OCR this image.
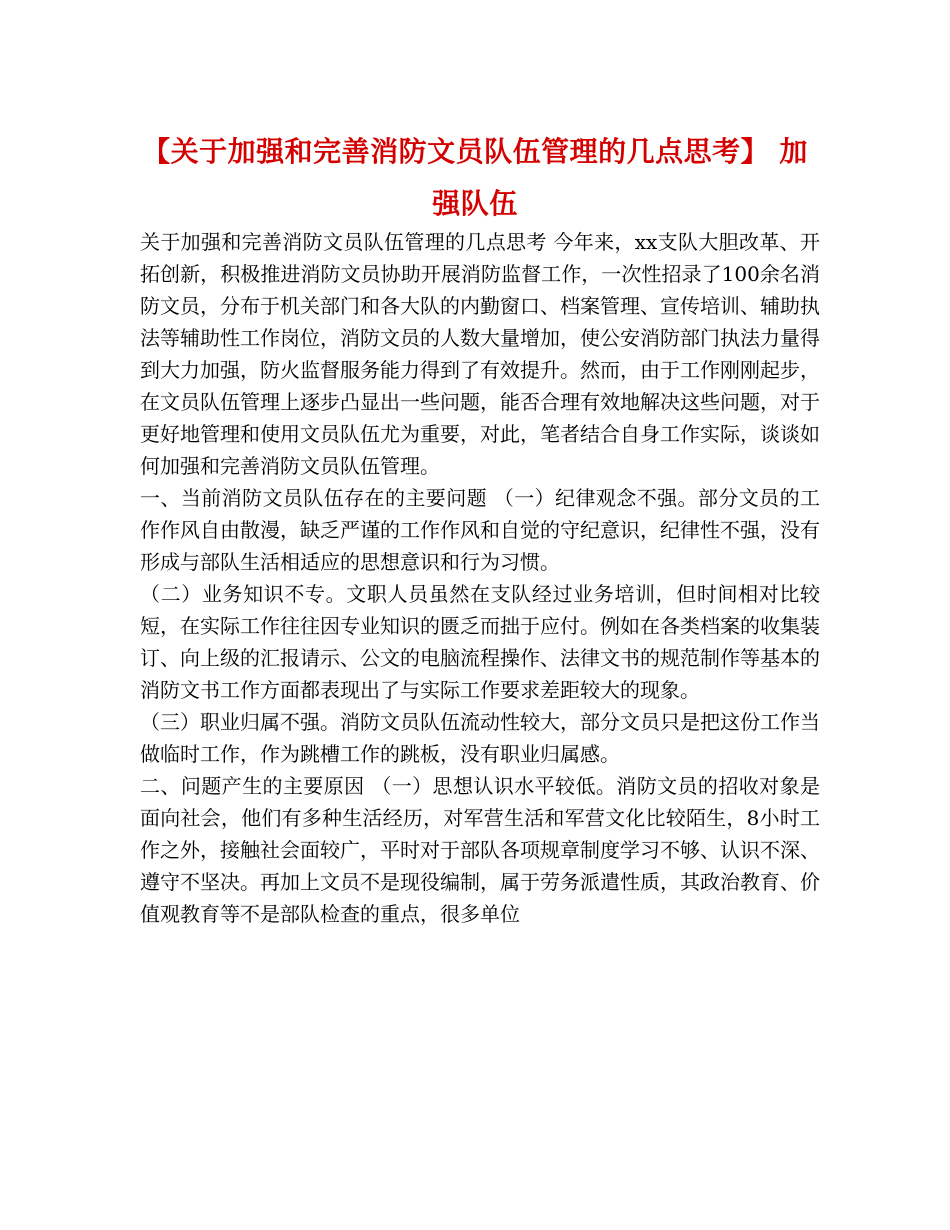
【关于加强和完善消防文员队伍管理的几点思考】 加强队伍

关于加强和完善消防文员队伍管理的几点思考 今年来，xx支队大胆改革、开拓创新，积极推进消防文员协助开展消防监督工作，一次性招录了100余名消防文员，分布于机关部门和各大队的内勤窗口、档案管理、宣传培训、辅助执法等辅助性工作岗位，消防文员的人数大量增加，使公安消防部门执法力量得到大力加强，防火监督服务能力得到了有效提升。然而，由于工作刚刚起步，在文员队伍管理上逐步凸显出一些问题，能否合理有效地解决这些问题，对于更好地管理和使用文员队伍尤为重要，对此，笔者结合自身工作实际，谈谈如何加强和完善消防文员队伍管理。

一、当前消防文员队伍存在的主要问题 （一）纪律观念不强。部分文员的工作作风自由散漫，缺乏严谨的工作作风和自觉的守纪意识，纪律性不强，没有形成与部队生活相适应的思想意识和行为习惯。

（二）业务知识不专。文职人员虽然在支队经过业务培训，但时间相对比较短，在实际工作往往因专业知识的匮乏而拙于应付。例如在各类档案的收集装订、向上级的汇报请示、公文的电脑流程操作、法律文书的规范制作等基本的消防文书工作方面都表现出了与实际工作要求差距较大的现象。

（三）职业归属不强。消防文员队伍流动性较大，部分文员只是把这份工作当做临时工作，作为跳槽工作的跳板，没有职业归属感。

二、问题产生的主要原因 （一）思想认识水平较低。消防文员的招收对象是面向社会，他们有多种生活经历，对军营生活和军营文化比较陌生，8小时工作之外，接触社会面较广，平时对于部队各项规章制度学习不够、认识不深、遵守不坚决。再加上文员不是现役编制，属于劳务派遣性质，其政治教育、价值观教育等不是部队检查的重点，很多单位
